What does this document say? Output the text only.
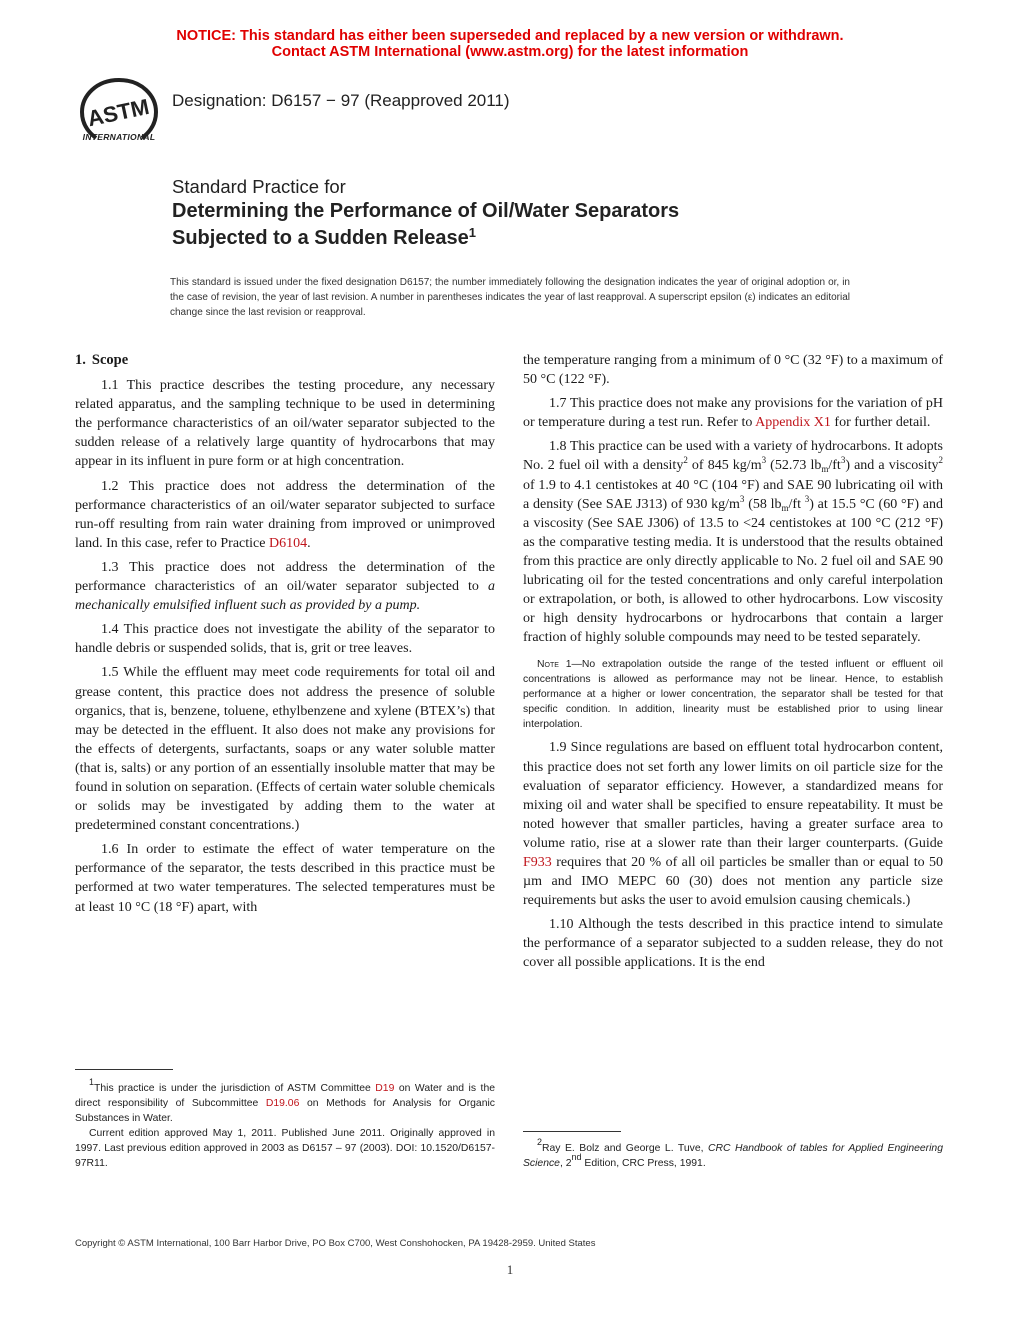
NOTICE: This standard has either been superseded and replaced by a new version or withdrawn.
Contact ASTM International (www.astm.org) for the latest information
ASTM
INTERNATIONAL
Designation: D6157 − 97 (Reapproved 2011)
Standard Practice for
Determining the Performance of Oil/Water Separators
Subjected to a Sudden Release$^1$
This standard is issued under the fixed designation D6157; the number immediately following the designation indicates the year of original adoption or, in the case of revision, the year of last revision. A number in parentheses indicates the year of last reapproval. A superscript epsilon (ε) indicates an editorial change since the last revision or reapproval.
1. Scope

1.1 This practice describes the testing procedure, any necessary related apparatus, and the sampling technique to be used in determining the performance characteristics of an oil/water separator subjected to the sudden release of a relatively large quantity of hydrocarbons that may appear in its influent in pure form or at high concentration.

1.2 This practice does not address the determination of the performance characteristics of an oil/water separator subjected to surface run-off resulting from rain water draining from improved or unimproved land. In this case, refer to Practice D6104.

1.3 This practice does not address the determination of the performance characteristics of an oil/water separator subjected to a mechanically emulsified influent such as provided by a pump.

1.4 This practice does not investigate the ability of the separator to handle debris or suspended solids, that is, grit or tree leaves.

1.5 While the effluent may meet code requirements for total oil and grease content, this practice does not address the presence of soluble organics, that is, benzene, toluene, ethylbenzene and xylene (BTEX’s) that may be detected in the effluent. It also does not make any provisions for the effects of detergents, surfactants, soaps or any water soluble matter (that is, salts) or any portion of an essentially insoluble matter that may be found in solution on separation. (Effects of certain water soluble chemicals or solids may be investigated by adding them to the water at predetermined constant concentrations.)

1.6 In order to estimate the effect of water temperature on the performance of the separator, the tests described in this practice must be performed at two water temperatures. The selected temperatures must be at least 10 °C (18 °F) apart, with

$^1$This practice is under the jurisdiction of ASTM Committee D19 on Water and is the direct responsibility of Subcommittee D19.06 on Methods for Analysis for Organic Substances in Water.

Current edition approved May 1, 2011. Published June 2011. Originally approved in 1997. Last previous edition approved in 2003 as D6157 – 97 (2003). DOI: 10.1520/D6157-97R11.

the temperature ranging from a minimum of 0 °C (32 °F) to a maximum of 50 °C (122 °F).

1.7 This practice does not make any provisions for the variation of pH or temperature during a test run. Refer to Appendix X1 for further detail.

1.8 This practice can be used with a variety of hydrocarbons. It adopts No. 2 fuel oil with a density$^2$ of 845 $kg/m^3$ (52.73 $lb_m/ft^3$) and a viscosity$^2$ of 1.9 to 4.1 centistokes at 40 °C (104 °F) and SAE 90 lubricating oil with a density (See SAE J313) of 930 $kg/m^3$ (58 $lb_m/ft$ $^3$) at 15.5 °C (60 °F) and a viscosity (See SAE J306) of 13.5 to <24 centistokes at 100 °C (212 °F) as the comparative testing media. It is understood that the results obtained from this practice are only directly applicable to No. 2 fuel oil and SAE 90 lubricating oil for the tested concentrations and only careful interpolation or extrapolation, or both, is allowed to other hydrocarbons. Low viscosity or high density hydrocarbons or hydrocarbons that contain a larger fraction of highly soluble compounds may need to be tested separately.

Note 1—No extrapolation outside the range of the tested influent or effluent oil concentrations is allowed as performance may not be linear. Hence, to establish performance at a higher or lower concentration, the separator shall be tested for that specific condition. In addition, linearity must be established prior to using linear interpolation.

1.9 Since regulations are based on effluent total hydrocarbon content, this practice does not set forth any lower limits on oil particle size for the evaluation of separator efficiency. However, a standardized means for mixing oil and water shall be specified to ensure repeatability. It must be noted however that smaller particles, having a greater surface area to volume ratio, rise at a slower rate than their larger counterparts. (Guide F933 requires that 20 % of all oil particles be smaller than or equal to 50 µm and IMO MEPC 60 (30) does not mention any particle size requirements but asks the user to avoid emulsion causing chemicals.)

1.10 Although the tests described in this practice intend to simulate the performance of a separator subjected to a sudden release, they do not cover all possible applications. It is the end

$^2$Ray E. Bolz and George L. Tuve, CRC Handbook of tables for Applied Engineering Science, 2nd Edition, CRC Press, 1991.

Copyright © ASTM International, 100 Barr Harbor Drive, PO Box C700, West Conshohocken, PA 19428-2959. United States
1
